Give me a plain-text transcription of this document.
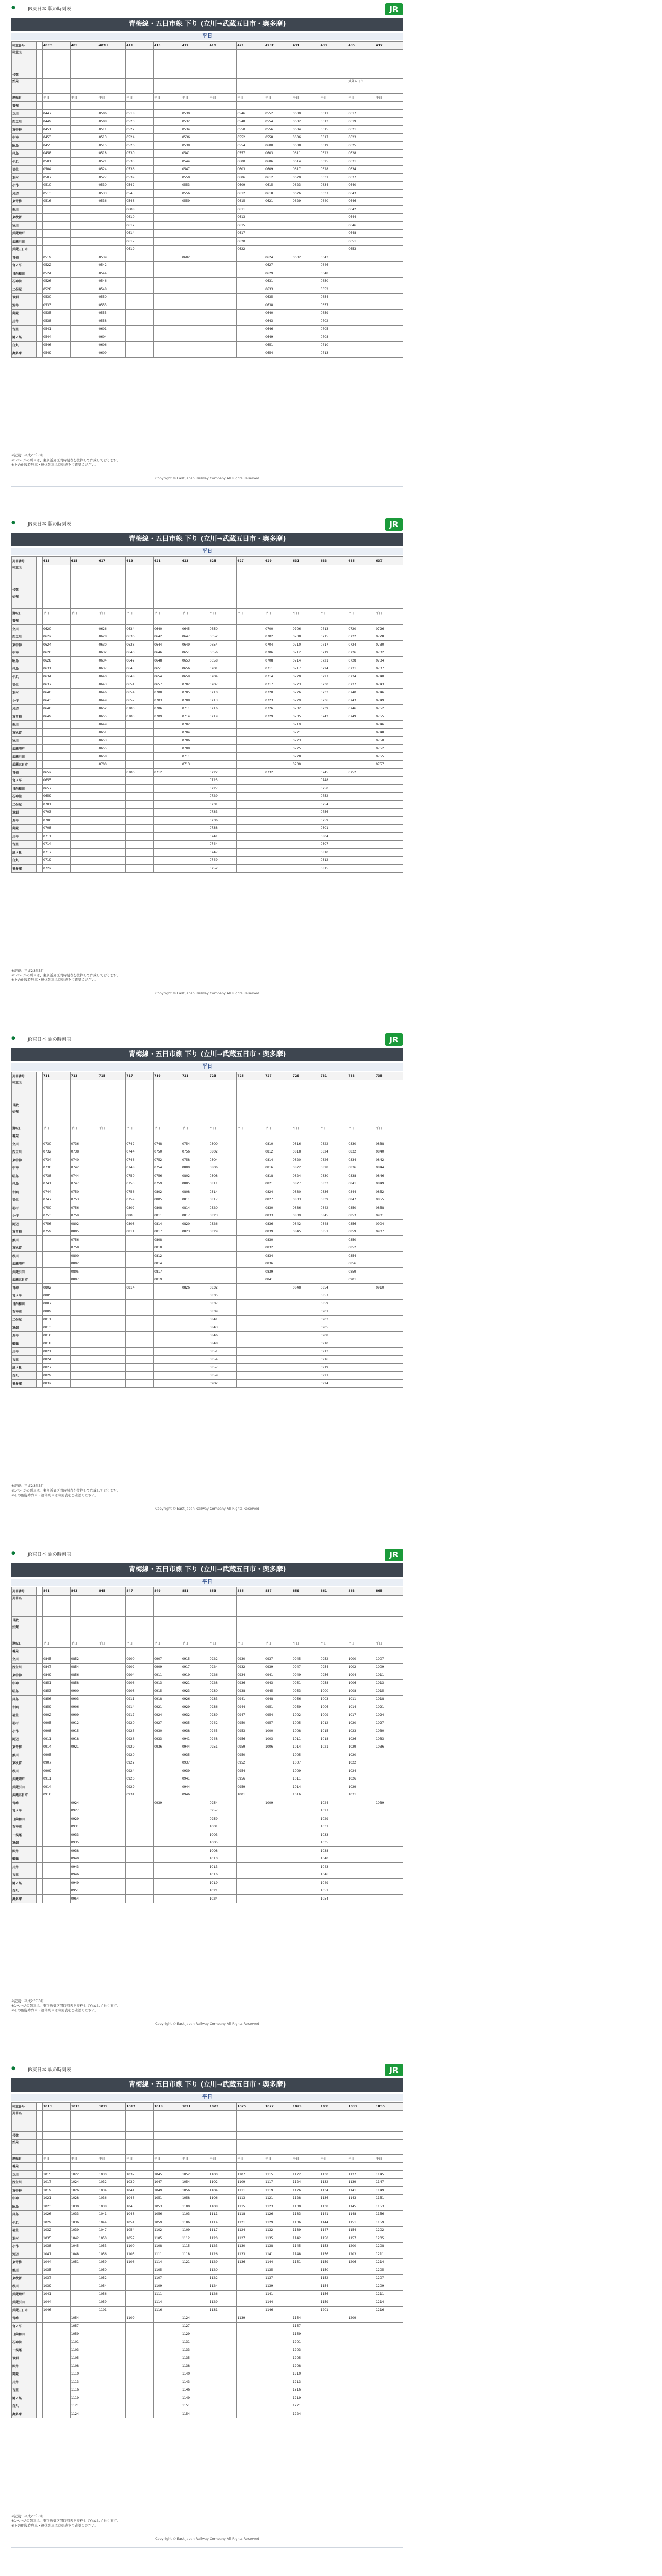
●	JR東日本 駅の時刻表	JR
青梅線・五日市線 下り (立川→武蔵五日市・奥多摩)
平日
列車番号		403T	405	407H	411	413	417	419	421	423T	431	433	435	437
列車名														
号数														
始発													武蔵五日市	
運転日		平日	平日	平日	平日	平日	平日	平日	平日	平日	平日	平日	平日	平日
着発														
立川		0447		0506	0518		0530		0546	0552	0600	0611	0617	
西立川		0449		0508	0520		0532		0548	0554	0602	0613	0619	
東中神		0451		0511	0522		0534		0550	0556	0604	0615	0621	
中神		0453		0513	0524		0536		0552	0558	0606	0617	0623	
昭島		0455		0515	0526		0538		0554	0600	0608	0619	0625	
拝島		0458		0518	0530		0541		0557	0603	0611	0622	0628	
牛浜		0501		0521	0533		0544		0600	0606	0614	0625	0631	
福生		0504		0524	0536		0547		0603	0609	0617	0628	0634	
羽村		0507		0527	0539		0550		0606	0612	0620	0631	0637	
小作		0510		0530	0542		0553		0609	0615	0623	0634	0640	
河辺		0513		0533	0545		0556		0612	0618	0626	0637	0643	
東青梅		0516		0536	0548		0559		0615	0621	0629	0640	0646	
熊川					0608				0611				0642	
東秋留					0610				0613				0644	
秋川					0612				0615				0646	
武蔵増戸					0614				0617				0648	
武蔵引田					0617				0620				0651	
武蔵五日市					0619				0622				0653	
青梅		0519		0539			0602			0624	0632	0643		
宮ノ平		0522		0542						0627		0646		
日向和田		0524		0544						0629		0648		
石神前		0526		0546						0631		0650		
二俣尾		0528		0548						0633		0652		
軍畑		0530		0550						0635		0654		
沢井		0533		0553						0638		0657		
御嶽		0535		0555						0640		0659		
川井		0538		0558						0643		0702		
古里		0541		0601						0646		0705		
鳩ノ巣		0544		0604						0649		0708		
白丸		0546		0606						0651		0710		
奥多摩		0549		0609						0654		0713		
※記載：平成23年3月
※1ページの列車は、東京近郊区間時刻表を抜粋して作成しております。
※その他臨時列車・運休列車は時刻表をご確認ください。
Copyright © East Japan Railway Company All Rights Reserved
●	JR東日本 駅の時刻表	JR
青梅線・五日市線 下り (立川→武蔵五日市・奥多摩)
平日
列車番号		613	615	617	619	621	623	625	627	629	631	633	635	637
列車名														
号数														
始発														
運転日		平日	平日	平日	平日	平日	平日	平日	平日	平日	平日	平日	平日	平日
着発														
立川		0620		0626	0634	0640	0645	0650		0700	0706	0713	0720	0726
西立川		0622		0628	0636	0642	0647	0652		0702	0708	0715	0722	0728
東中神		0624		0630	0638	0644	0649	0654		0704	0710	0717	0724	0730
中神		0626		0632	0640	0646	0651	0656		0706	0712	0719	0726	0732
昭島		0628		0634	0642	0648	0653	0658		0708	0714	0721	0728	0734
拝島		0631		0637	0645	0651	0656	0701		0711	0717	0724	0731	0737
牛浜		0634		0640	0648	0654	0659	0704		0714	0720	0727	0734	0740
福生		0637		0643	0651	0657	0702	0707		0717	0723	0730	0737	0743
羽村		0640		0646	0654	0700	0705	0710		0720	0726	0733	0740	0746
小作		0643		0649	0657	0703	0708	0713		0723	0729	0736	0743	0749
河辺		0646		0652	0700	0706	0711	0716		0726	0732	0739	0746	0752
東青梅		0649		0655	0703	0709	0714	0719		0729	0735	0742	0749	0755
熊川				0649			0702				0719			0746
東秋留				0651			0704				0721			0748
秋川				0653			0706				0723			0750
武蔵増戸				0655			0708				0725			0752
武蔵引田				0658			0711				0728			0755
武蔵五日市				0700			0713				0730			0757
青梅		0652			0706	0712		0722		0732		0745	0752	
宮ノ平		0655						0725				0748		
日向和田		0657						0727				0750		
石神前		0659						0729				0752		
二俣尾		0701						0731				0754		
軍畑		0703						0733				0756		
沢井		0706						0736				0759		
御嶽		0708						0738				0801		
川井		0711						0741				0804		
古里		0714						0744				0807		
鳩ノ巣		0717						0747				0810		
白丸		0719						0749				0812		
奥多摩		0722						0752				0815		
※記載：平成23年3月
※1ページの列車は、東京近郊区間時刻表を抜粋して作成しております。
※その他臨時列車・運休列車は時刻表をご確認ください。
Copyright © East Japan Railway Company All Rights Reserved
●	JR東日本 駅の時刻表	JR
青梅線・五日市線 下り (立川→武蔵五日市・奥多摩)
平日
列車番号		711	713	715	717	719	721	723	725	727	729	731	733	735
列車名														
号数														
始発														
運転日		平日	平日	平日	平日	平日	平日	平日	平日	平日	平日	平日	平日	平日
着発														
立川		0730	0736		0742	0748	0754	0800		0810	0816	0822	0830	0838
西立川		0732	0738		0744	0750	0756	0802		0812	0818	0824	0832	0840
東中神		0734	0740		0746	0752	0758	0804		0814	0820	0826	0834	0842
中神		0736	0742		0748	0754	0800	0806		0816	0822	0828	0836	0844
昭島		0738	0744		0750	0756	0802	0808		0818	0824	0830	0838	0846
拝島		0741	0747		0753	0759	0805	0811		0821	0827	0833	0841	0849
牛浜		0744	0750		0756	0802	0808	0814		0824	0830	0836	0844	0852
福生		0747	0753		0759	0805	0811	0817		0827	0833	0839	0847	0855
羽村		0750	0756		0802	0808	0814	0820		0830	0836	0842	0850	0858
小作		0753	0759		0805	0811	0817	0823		0833	0839	0845	0853	0901
河辺		0756	0802		0808	0814	0820	0826		0836	0842	0848	0856	0904
東青梅		0759	0805		0811	0817	0823	0829		0839	0845	0851	0859	0907
熊川			0756			0808				0830			0850	
東秋留			0758			0810				0832			0852	
秋川			0800			0812				0834			0854	
武蔵増戸			0802			0814				0836			0856	
武蔵引田			0805			0817				0839			0859	
武蔵五日市			0807			0819				0841			0901	
青梅		0802			0814		0826	0832			0848	0854		0910
宮ノ平		0805						0835				0857		
日向和田		0807						0837				0859		
石神前		0809						0839				0901		
二俣尾		0811						0841				0903		
軍畑		0813						0843				0905		
沢井		0816						0846				0908		
御嶽		0818						0848				0910		
川井		0821						0851				0913		
古里		0824						0854				0916		
鳩ノ巣		0827						0857				0919		
白丸		0829						0859				0921		
奥多摩		0832						0902				0924		
※記載：平成23年3月
※1ページの列車は、東京近郊区間時刻表を抜粋して作成しております。
※その他臨時列車・運休列車は時刻表をご確認ください。
Copyright © East Japan Railway Company All Rights Reserved
●	JR東日本 駅の時刻表	JR
青梅線・五日市線 下り (立川→武蔵五日市・奥多摩)
平日
列車番号		841	843	845	847	849	851	853	855	857	859	861	863	865
列車名														
号数														
始発														
運転日		平日	平日	平日	平日	平日	平日	平日	平日	平日	平日	平日	平日	平日
着発														
立川		0845	0852		0900	0907	0915	0922	0930	0937	0945	0952	1000	1007
西立川		0847	0854		0902	0909	0917	0924	0932	0939	0947	0954	1002	1009
東中神		0849	0856		0904	0911	0919	0926	0934	0941	0949	0956	1004	1011
中神		0851	0858		0906	0913	0921	0928	0936	0943	0951	0958	1006	1013
昭島		0853	0900		0908	0915	0923	0930	0938	0945	0953	1000	1008	1015
拝島		0856	0903		0911	0918	0926	0933	0941	0948	0956	1003	1011	1018
牛浜		0859	0906		0914	0921	0929	0936	0944	0951	0959	1006	1014	1021
福生		0902	0909		0917	0924	0932	0939	0947	0954	1002	1009	1017	1024
羽村		0905	0912		0920	0927	0935	0942	0950	0957	1005	1012	1020	1027
小作		0908	0915		0923	0930	0938	0945	0953	1000	1008	1015	1023	1030
河辺		0911	0918		0926	0933	0941	0948	0956	1003	1011	1018	1026	1033
東青梅		0914	0921		0929	0936	0944	0951	0959	1006	1014	1021	1029	1036
熊川		0905			0920		0935		0950		1005		1020	
東秋留		0907			0922		0937		0952		1007		1022	
秋川		0909			0924		0939		0954		1009		1024	
武蔵増戸		0911			0926		0941		0956		1011		1026	
武蔵引田		0914			0929		0944		0959		1014		1029	
武蔵五日市		0916			0931		0946		1001		1016		1031	
青梅			0924			0939		0954		1009		1024		1039
宮ノ平			0927					0957				1027		
日向和田			0929					0959				1029		
石神前			0931					1001				1031		
二俣尾			0933					1003				1033		
軍畑			0935					1005				1035		
沢井			0938					1008				1038		
御嶽			0940					1010				1040		
川井			0943					1013				1043		
古里			0946					1016				1046		
鳩ノ巣			0949					1019				1049		
白丸			0951					1021				1051		
奥多摩			0954					1024				1054		
※記載：平成23年3月
※1ページの列車は、東京近郊区間時刻表を抜粋して作成しております。
※その他臨時列車・運休列車は時刻表をご確認ください。
Copyright © East Japan Railway Company All Rights Reserved
●	JR東日本 駅の時刻表	JR
青梅線・五日市線 下り (立川→武蔵五日市・奥多摩)
平日
列車番号		1011	1013	1015	1017	1019	1021	1023	1025	1027	1029	1031	1033	1035
列車名														
号数														
始発														
運転日		平日	平日	平日	平日	平日	平日	平日	平日	平日	平日	平日	平日	平日
着発														
立川		1015	1022	1030	1037	1045	1052	1100	1107	1115	1122	1130	1137	1145
西立川		1017	1024	1032	1039	1047	1054	1102	1109	1117	1124	1132	1139	1147
東中神		1019	1026	1034	1041	1049	1056	1104	1111	1119	1126	1134	1141	1149
中神		1021	1028	1036	1043	1051	1058	1106	1113	1121	1128	1136	1143	1151
昭島		1023	1030	1038	1045	1053	1100	1108	1115	1123	1130	1138	1145	1153
拝島		1026	1033	1041	1048	1056	1103	1111	1118	1126	1133	1141	1148	1156
牛浜		1029	1036	1044	1051	1059	1106	1114	1121	1129	1136	1144	1151	1159
福生		1032	1039	1047	1054	1102	1109	1117	1124	1132	1139	1147	1154	1202
羽村		1035	1042	1050	1057	1105	1112	1120	1127	1135	1142	1150	1157	1205
小作		1038	1045	1053	1100	1108	1115	1123	1130	1138	1145	1153	1200	1208
河辺		1041	1048	1056	1103	1111	1118	1126	1133	1141	1148	1156	1203	1211
東青梅		1044	1051	1059	1106	1114	1121	1129	1136	1144	1151	1159	1206	1214
熊川		1035		1050		1105		1120		1135		1150		1205
東秋留		1037		1052		1107		1122		1137		1152		1207
秋川		1039		1054		1109		1124		1139		1154		1209
武蔵増戸		1041		1056		1111		1126		1141		1156		1211
武蔵引田		1044		1059		1114		1129		1144		1159		1214
武蔵五日市		1046		1101		1116		1131		1146		1201		1216
青梅			1054		1109		1124		1139		1154		1209	
宮ノ平			1057				1127				1157			
日向和田			1059				1129				1159			
石神前			1101				1131				1201			
二俣尾			1103				1133				1203			
軍畑			1105				1135				1205			
沢井			1108				1138				1208			
御嶽			1110				1140				1210			
川井			1113				1143				1213			
古里			1116				1146				1216			
鳩ノ巣			1119				1149				1219			
白丸			1121				1151				1221			
奥多摩			1124				1154				1224			
※記載：平成23年3月
※1ページの列車は、東京近郊区間時刻表を抜粋して作成しております。
※その他臨時列車・運休列車は時刻表をご確認ください。
Copyright © East Japan Railway Company All Rights Reserved
